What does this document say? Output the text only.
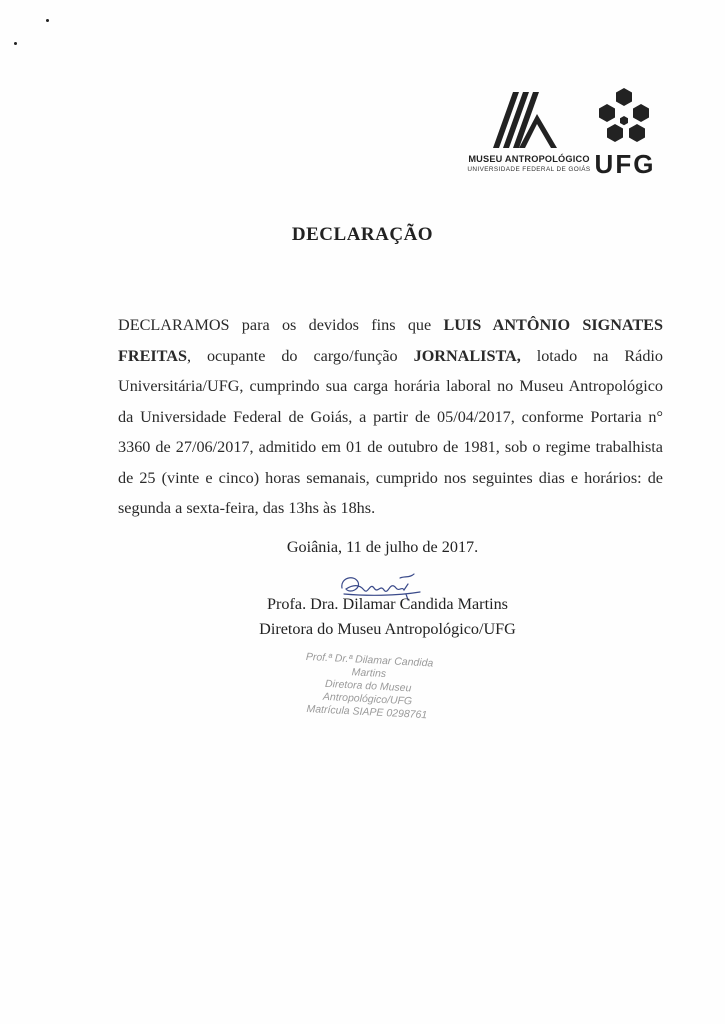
MUSEU ANTROPOLÓGICO
UNIVERSIDADE FEDERAL DE GOIÁS UFG
DECLARAÇÃO
DECLARAMOS para os devidos fins que LUIS ANTÔNIO SIGNATES FREITAS, ocupante do cargo/função JORNALISTA, lotado na Rádio Universitária/UFG, cumprindo sua carga horária laboral no Museu Antropológico da Universidade Federal de Goiás, a partir de 05/04/2017, conforme Portaria n° 3360 de 27/06/2017, admitido em 01 de outubro de 1981, sob o regime trabalhista de 25 (vinte e cinco) horas semanais, cumprido nos seguintes dias e horários: de segunda a sexta-feira, das 13hs às 18hs.
Goiânia, 11 de julho de 2017.
Profa. Dra. Dilamar Candida Martins
Diretora do Museu Antropológico/UFG
Prof.ª Dr.ª Dilamar Candida Martins
Diretora do Museu Antropológico/UFG
Matrícula SIAPE 0298761
